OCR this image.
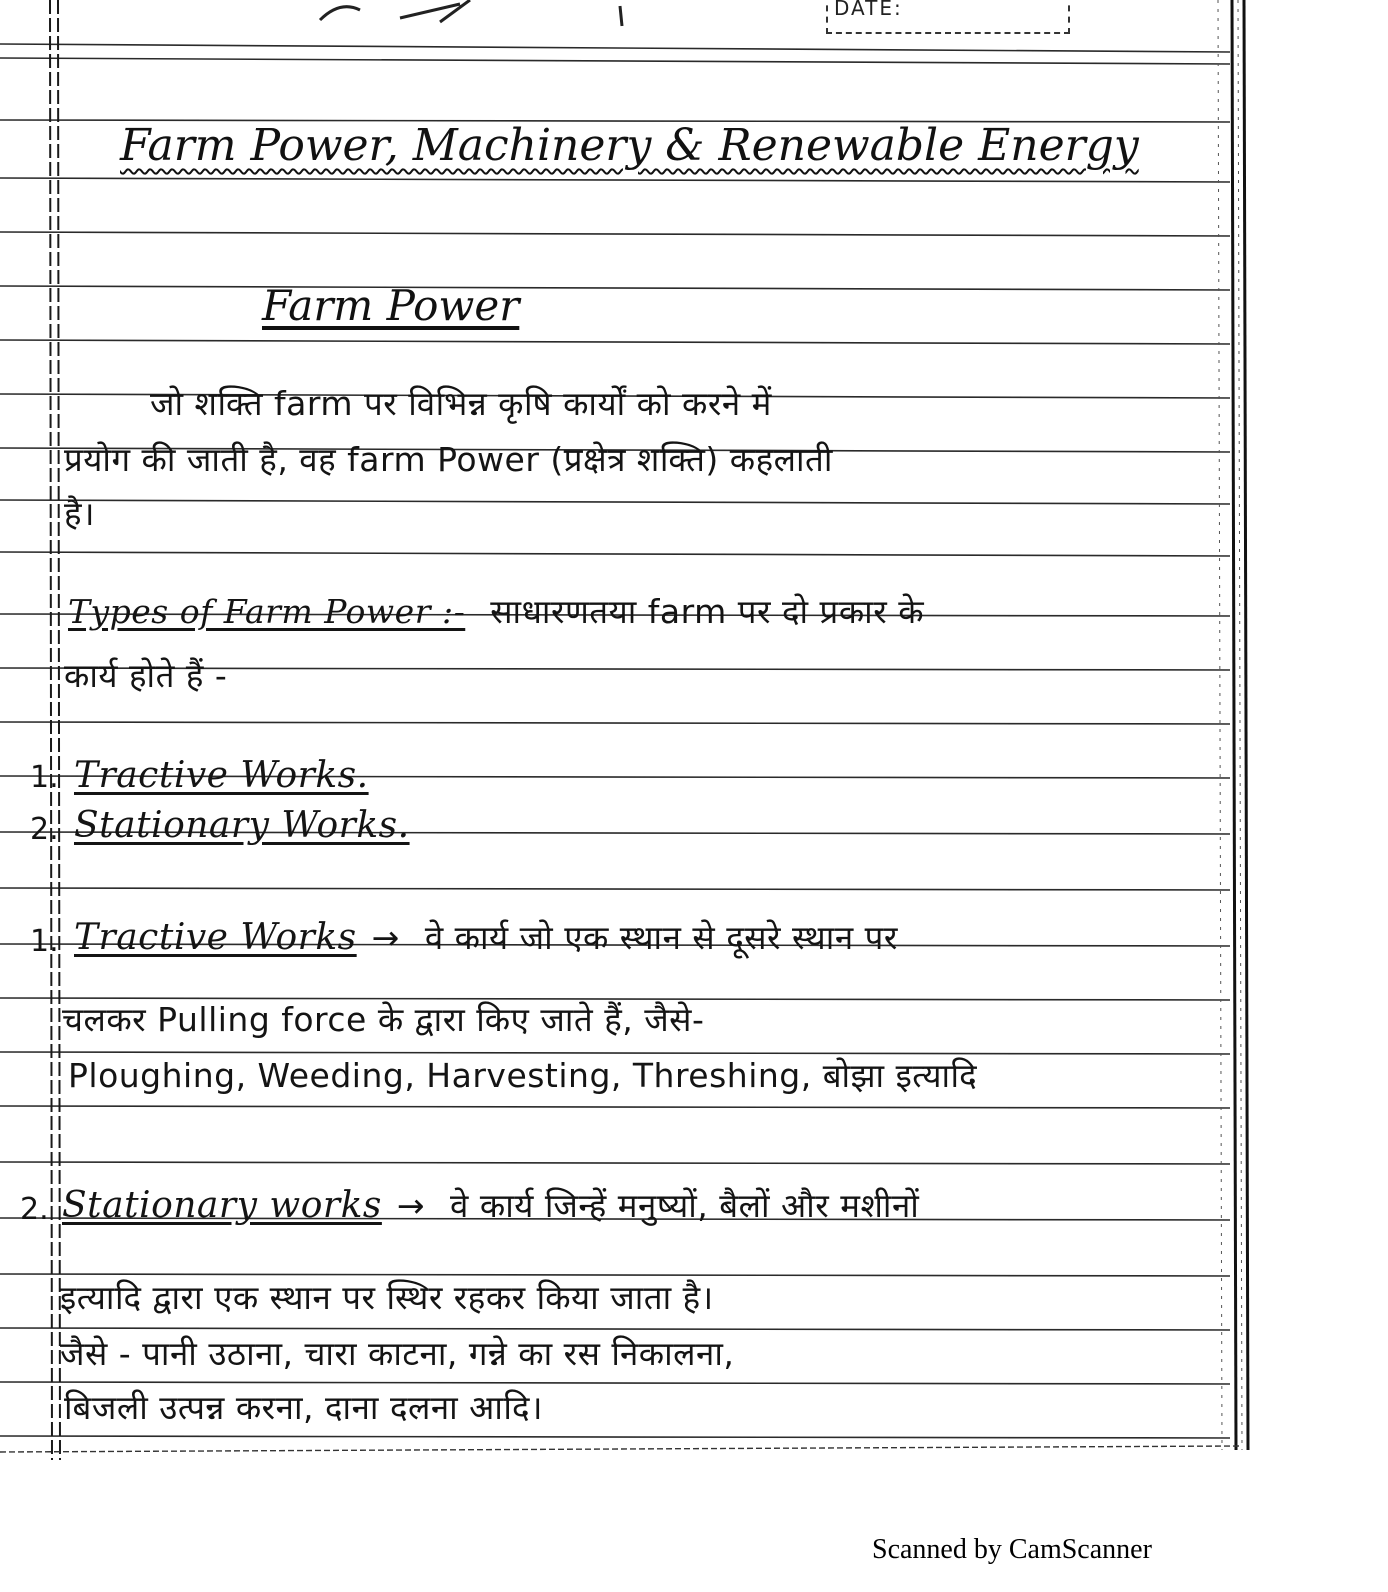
DATE:
Farm Power, Machinery & Renewable Energy
Farm Power
जो शक्ति farm पर विभिन्न कृषि कार्यों को करने में
प्रयोग की जाती है, वह farm Power (प्रक्षेत्र शक्ति) कहलाती
है।
Types of Farm Power :- साधारणतया farm पर दो प्रकार के
कार्य होते हैं -
1. Tractive Works.
2. Stationary Works.
1. Tractive Works → वे कार्य जो एक स्थान से दूसरे स्थान पर
चलकर Pulling force के द्वारा किए जाते हैं, जैसे-
Ploughing, Weeding, Harvesting, Threshing, बोझा इत्यादि
2. Stationary works → वे कार्य जिन्हें मनुष्यों, बैलों और मशीनों
इत्यादि द्वारा एक स्थान पर स्थिर रहकर किया जाता है।
जैसे - पानी उठाना, चारा काटना, गन्ने का रस निकालना,
बिजली उत्पन्न करना, दाना दलना आदि।
Scanned by CamScanner
